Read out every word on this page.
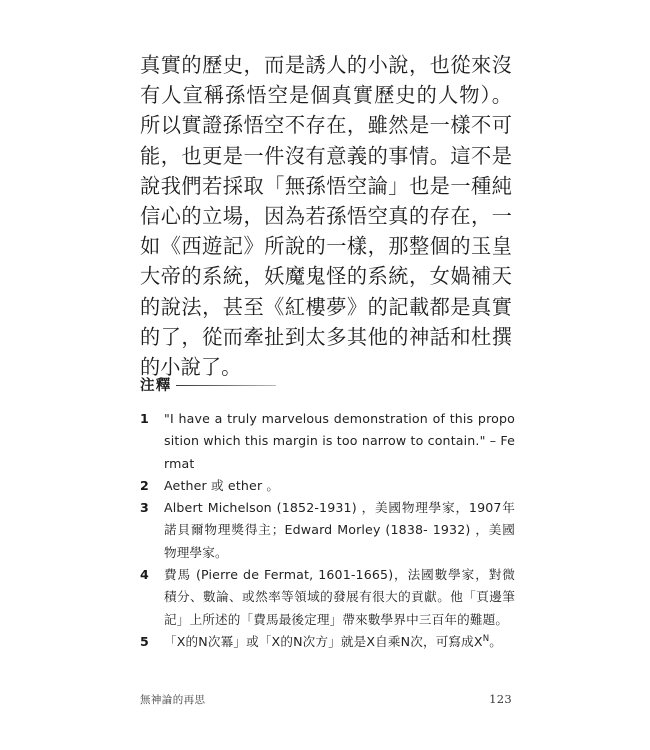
真實的歷史，而是誘人的小說，也從來沒有人宣稱孫悟空是個真實歷史的人物）。所以實證孫悟空不存在，雖然是一樣不可能，也更是一件沒有意義的事情。這不是說我們若採取「無孫悟空論」也是一種純信心的立場，因為若孫悟空真的存在，一如《西遊記》所說的一樣，那整個的玉皇大帝的系統，妖魔鬼怪的系統，女媧補天的說法，甚至《紅樓夢》的記載都是真實的了，從而牽扯到太多其他的神話和杜撰的小說了。

注釋
1	"I have a truly marvelous demonstration of this proposition which this margin is too narrow to contain." – Fermat
2	Aether 或 ether 。
3	Albert Michelson (1852-1931) ，美國物理學家，1907年諾貝爾物理獎得主；Edward Morley (1838- 1932) ，美國物理學家。
4	費馬 (Pierre de Fermat, 1601-1665)，法國數學家，對微積分、數論、或然率等領域的發展有很大的貢獻。他「頁邊筆記」上所述的「費馬最後定理」帶來數學界中三百年的難題。
5	「X的N次冪」或「X的N次方」就是X自乘N次，可寫成$X^N$。
無神論的再思	123
